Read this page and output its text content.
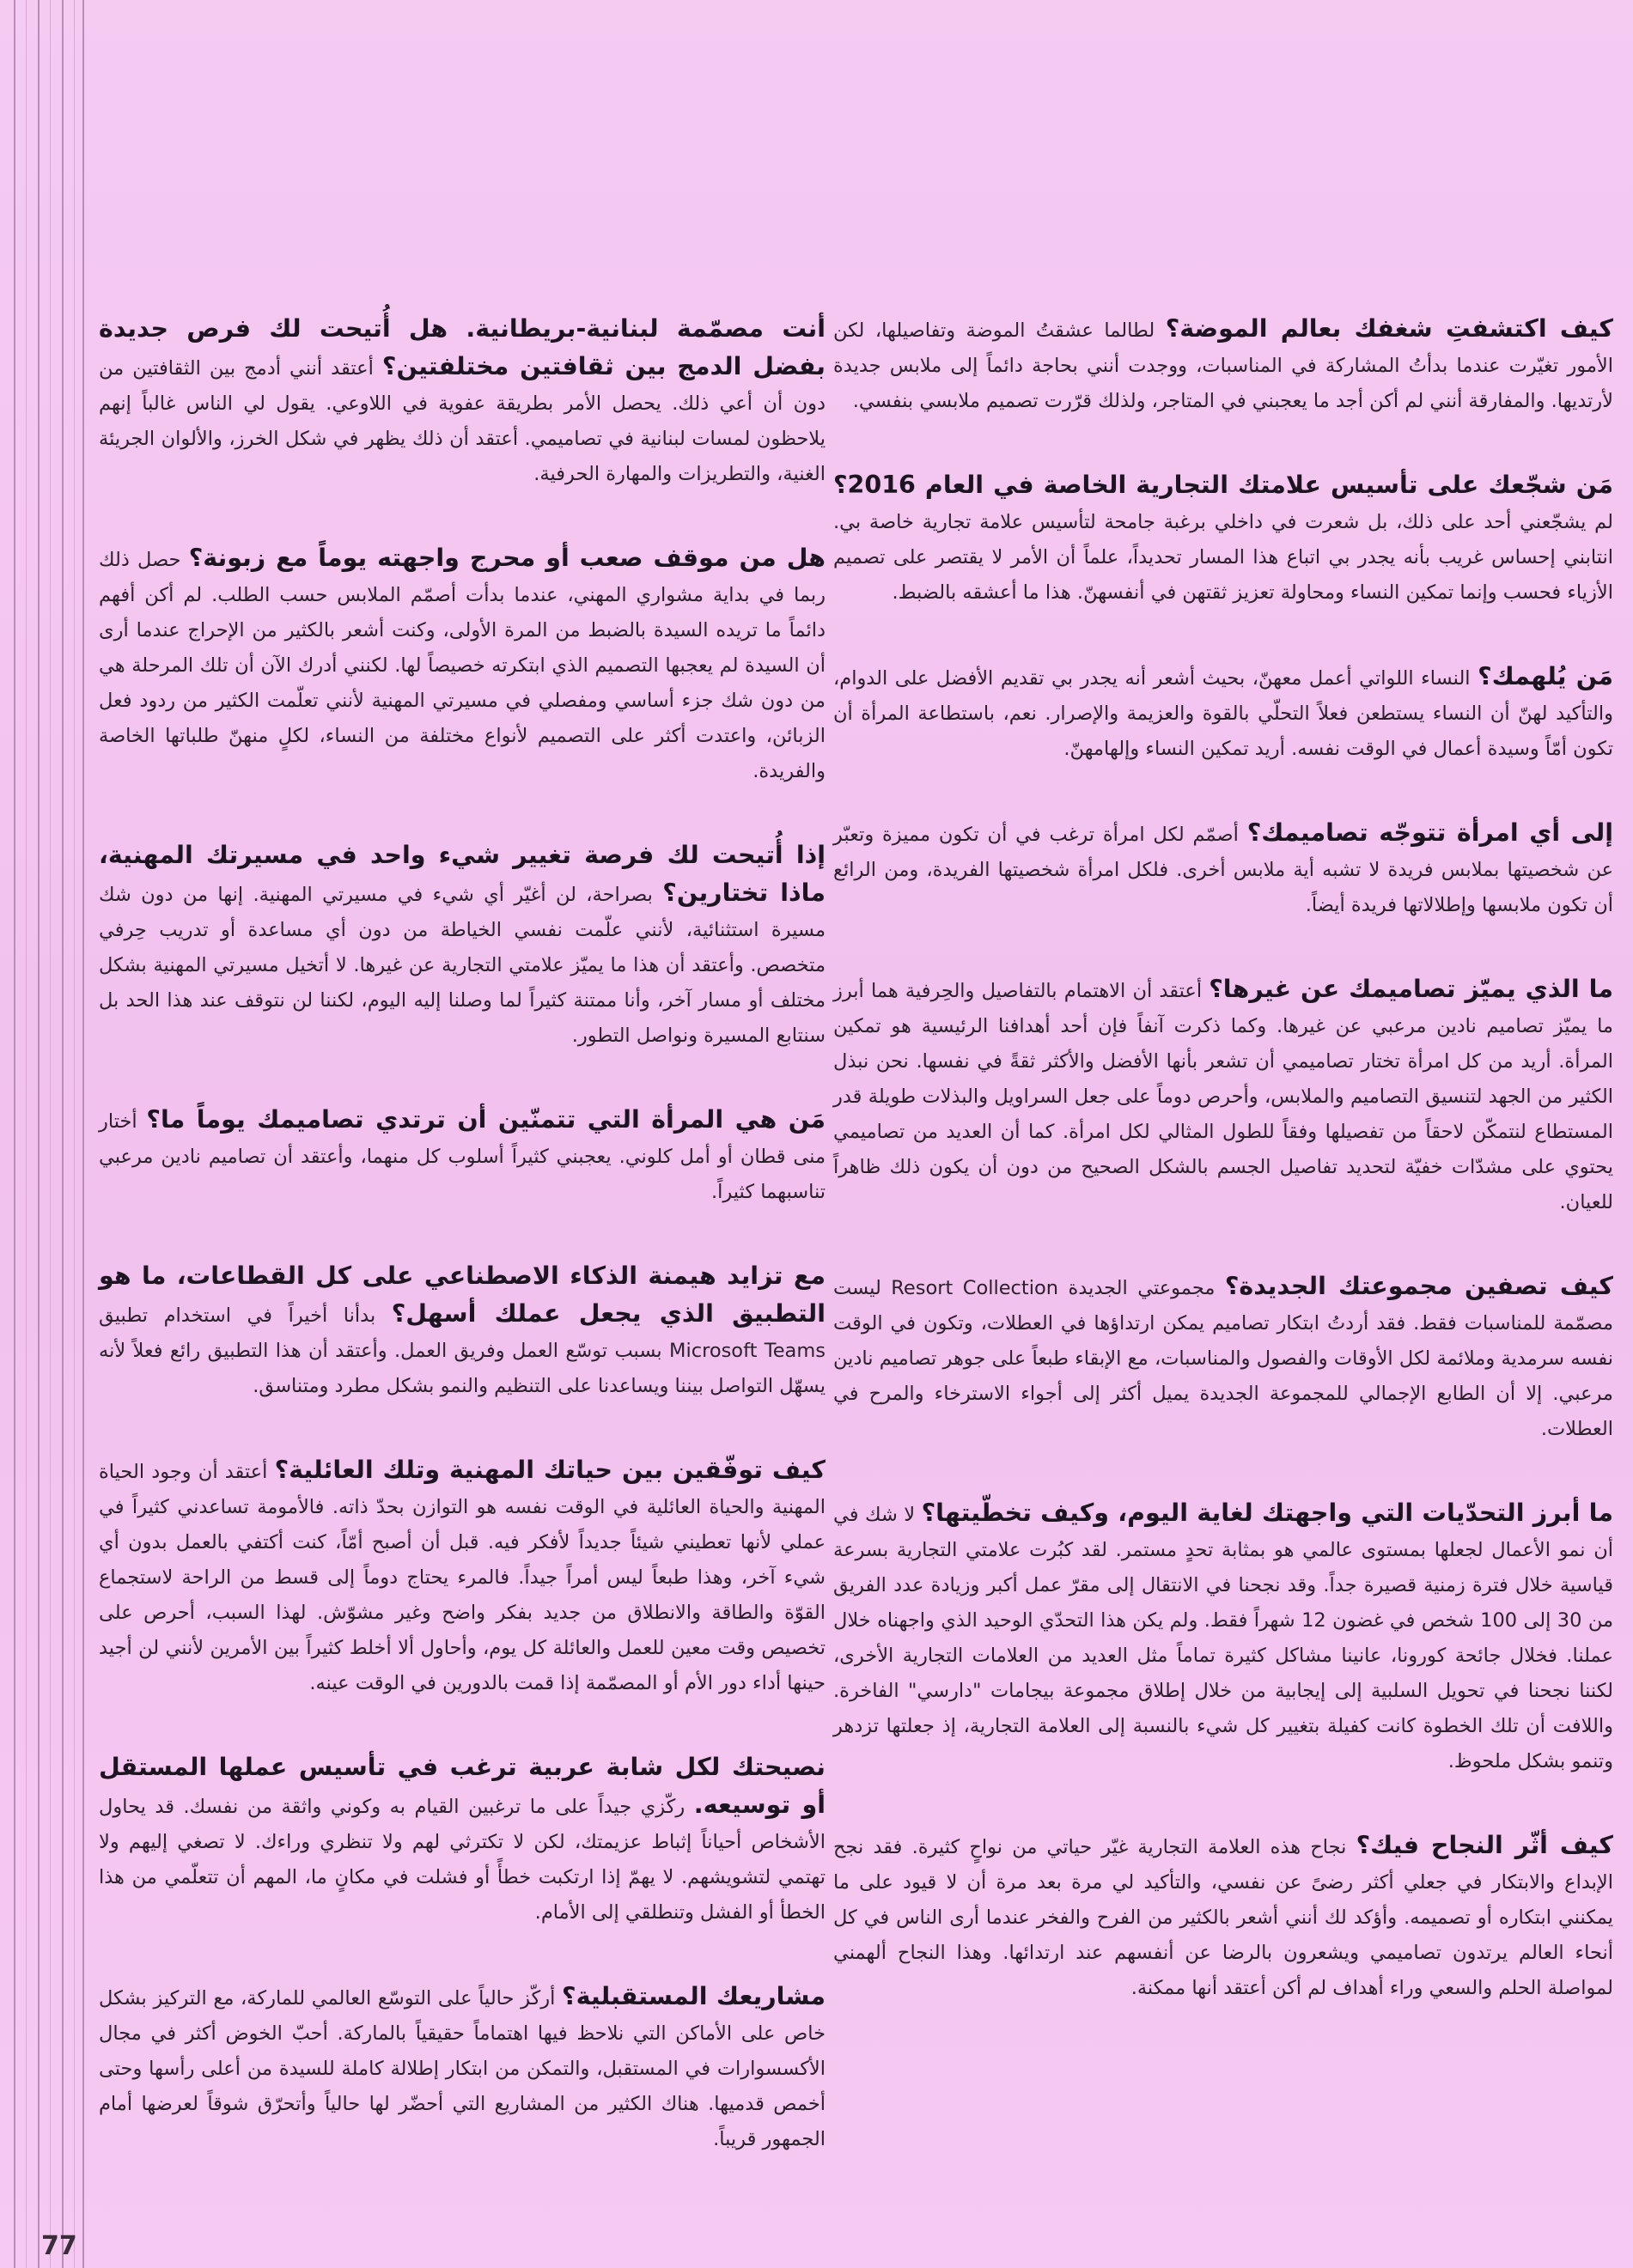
كيف اكتشفتِ شغفك بعالم الموضة؟ لطالما عشقتُ الموضة وتفاصيلها، لكن الأمور تغيّرت عندما بدأتُ المشاركة في المناسبات، ووجدت أنني بحاجة دائماً إلى ملابس جديدة لأرتديها. والمفارقة أنني لم أكن أجد ما يعجبني في المتاجر، ولذلك قرّرت تصميم ملابسي بنفسي.

مَن شجّعك على تأسيس علامتك التجارية الخاصة في العام 2016؟ لم يشجّعني أحد على ذلك، بل شعرت في داخلي برغبة جامحة لتأسيس علامة تجارية خاصة بي. انتابني إحساس غريب بأنه يجدر بي اتباع هذا المسار تحديداً، علماً أن الأمر لا يقتصر على تصميم الأزياء فحسب وإنما تمكين النساء ومحاولة تعزيز ثقتهن في أنفسهنّ. هذا ما أعشقه بالضبط.

مَن يُلهمك؟ النساء اللواتي أعمل معهنّ، بحيث أشعر أنه يجدر بي تقديم الأفضل على الدوام، والتأكيد لهنّ أن النساء يستطعن فعلاً التحلّي بالقوة والعزيمة والإصرار. نعم، باستطاعة المرأة أن تكون أمّاً وسيدة أعمال في الوقت نفسه. أريد تمكين النساء وإلهامهنّ.

إلى أي امرأة تتوجّه تصاميمك؟ أصمّم لكل امرأة ترغب في أن تكون مميزة وتعبّر عن شخصيتها بملابس فريدة لا تشبه أية ملابس أخرى. فلكل امرأة شخصيتها الفريدة، ومن الرائع أن تكون ملابسها وإطلالاتها فريدة أيضاً.

ما الذي يميّز تصاميمك عن غيرها؟ أعتقد أن الاهتمام بالتفاصيل والحِرفية هما أبرز ما يميّز تصاميم نادين مرعبي عن غيرها. وكما ذكرت آنفاً فإن أحد أهدافنا الرئيسية هو تمكين المرأة. أريد من كل امرأة تختار تصاميمي أن تشعر بأنها الأفضل والأكثر ثقةً في نفسها. نحن نبذل الكثير من الجهد لتنسيق التصاميم والملابس، وأحرص دوماً على جعل السراويل والبذلات طويلة قدر المستطاع لنتمكّن لاحقاً من تفصيلها وفقاً للطول المثالي لكل امرأة. كما أن العديد من تصاميمي يحتوي على مشدّات خفيّة لتحديد تفاصيل الجسم بالشكل الصحيح من دون أن يكون ذلك ظاهراً للعيان.

كيف تصفين مجموعتك الجديدة؟ مجموعتي الجديدة Resort Collection ليست مصمّمة للمناسبات فقط. فقد أردتُ ابتكار تصاميم يمكن ارتداؤها في العطلات، وتكون في الوقت نفسه سرمدية وملائمة لكل الأوقات والفصول والمناسبات، مع الإبقاء طبعاً على جوهر تصاميم نادين مرعبي. إلا أن الطابع الإجمالي للمجموعة الجديدة يميل أكثر إلى أجواء الاسترخاء والمرح في العطلات.

ما أبرز التحدّيات التي واجهتك لغاية اليوم، وكيف تخطّيتها؟ لا شك في أن نمو الأعمال لجعلها بمستوى عالمي هو بمثابة تحدٍ مستمر. لقد كبُرت علامتي التجارية بسرعة قياسية خلال فترة زمنية قصيرة جداً. وقد نجحنا في الانتقال إلى مقرّ عمل أكبر وزيادة عدد الفريق من 30 إلى 100 شخص في غضون 12 شهراً فقط. ولم يكن هذا التحدّي الوحيد الذي واجهناه خلال عملنا. فخلال جائحة كورونا، عانينا مشاكل كثيرة تماماً مثل العديد من العلامات التجارية الأخرى، لكننا نجحنا في تحويل السلبية إلى إيجابية من خلال إطلاق مجموعة بيجامات "دارسي" الفاخرة. واللافت أن تلك الخطوة كانت كفيلة بتغيير كل شيء بالنسبة إلى العلامة التجارية، إذ جعلتها تزدهر وتنمو بشكل ملحوظ.

كيف أثّر النجاح فيك؟ نجاح هذه العلامة التجارية غيّر حياتي من نواحٍ كثيرة. فقد نجح الإبداع والابتكار في جعلي أكثر رضىً عن نفسي، والتأكيد لي مرة بعد مرة أن لا قيود على ما يمكنني ابتكاره أو تصميمه. وأؤكد لك أنني أشعر بالكثير من الفرح والفخر عندما أرى الناس في كل أنحاء العالم يرتدون تصاميمي ويشعرون بالرضا عن أنفسهم عند ارتدائها. وهذا النجاح ألهمني لمواصلة الحلم والسعي وراء أهداف لم أكن أعتقد أنها ممكنة.

أنت مصمّمة لبنانية-بريطانية. هل أُتيحت لك فرص جديدة بفضل الدمج بين ثقافتين مختلفتين؟ أعتقد أنني أدمج بين الثقافتين من دون أن أعي ذلك. يحصل الأمر بطريقة عفوية في اللاوعي. يقول لي الناس غالباً إنهم يلاحظون لمسات لبنانية في تصاميمي. أعتقد أن ذلك يظهر في شكل الخرز، والألوان الجريئة الغنية، والتطريزات والمهارة الحرفية.

هل من موقف صعب أو محرج واجهته يوماً مع زبونة؟ حصل ذلك ربما في بداية مشواري المهني، عندما بدأت أصمّم الملابس حسب الطلب. لم أكن أفهم دائماً ما تريده السيدة بالضبط من المرة الأولى، وكنت أشعر بالكثير من الإحراج عندما أرى أن السيدة لم يعجبها التصميم الذي ابتكرته خصيصاً لها. لكنني أدرك الآن أن تلك المرحلة هي من دون شك جزء أساسي ومفصلي في مسيرتي المهنية لأنني تعلّمت الكثير من ردود فعل الزبائن، واعتدت أكثر على التصميم لأنواع مختلفة من النساء، لكلٍ منهنّ طلباتها الخاصة والفريدة.

إذا أُتيحت لك فرصة تغيير شيء واحد في مسيرتك المهنية، ماذا تختارين؟ بصراحة، لن أغيّر أي شيء في مسيرتي المهنية. إنها من دون شك مسيرة استثنائية، لأنني علّمت نفسي الخياطة من دون أي مساعدة أو تدريب حِرفي متخصص. وأعتقد أن هذا ما يميّز علامتي التجارية عن غيرها. لا أتخيل مسيرتي المهنية بشكل مختلف أو مسار آخر، وأنا ممتنة كثيراً لما وصلنا إليه اليوم، لكننا لن نتوقف عند هذا الحد بل سنتابع المسيرة ونواصل التطور.

مَن هي المرأة التي تتمنّين أن ترتدي تصاميمك يوماً ما؟ أختار منى قطان أو أمل كلوني. يعجبني كثيراً أسلوب كل منهما، وأعتقد أن تصاميم نادين مرعبي تناسبهما كثيراً.

مع تزايد هيمنة الذكاء الاصطناعي على كل القطاعات، ما هو التطبيق الذي يجعل عملك أسهل؟ بدأنا أخيراً في استخدام تطبيق Microsoft Teams بسبب توسّع العمل وفريق العمل. وأعتقد أن هذا التطبيق رائع فعلاً لأنه يسهّل التواصل بيننا ويساعدنا على التنظيم والنمو بشكل مطرد ومتناسق.

كيف توفّقين بين حياتك المهنية وتلك العائلية؟ أعتقد أن وجود الحياة المهنية والحياة العائلية في الوقت نفسه هو التوازن بحدّ ذاته. فالأمومة تساعدني كثيراً في عملي لأنها تعطيني شيئاً جديداً لأفكر فيه. قبل أن أصبح أمّاً، كنت أكتفي بالعمل بدون أي شيء آخر، وهذا طبعاً ليس أمراً جيداً. فالمرء يحتاج دوماً إلى قسط من الراحة لاستجماع القوّة والطاقة والانطلاق من جديد بفكر واضح وغير مشوّش. لهذا السبب، أحرص على تخصيص وقت معين للعمل والعائلة كل يوم، وأحاول ألا أخلط كثيراً بين الأمرين لأنني لن أجيد حينها أداء دور الأم أو المصمّمة إذا قمت بالدورين في الوقت عينه.

نصيحتك لكل شابة عربية ترغب في تأسيس عملها المستقل أو توسيعه. ركّزي جيداً على ما ترغبين القيام به وكوني واثقة من نفسك. قد يحاول الأشخاص أحياناً إثباط عزيمتك، لكن لا تكترثي لهم ولا تنظري وراءك. لا تصغي إليهم ولا تهتمي لتشويشهم. لا يهمّ إذا ارتكبت خطأً أو فشلت في مكانٍ ما، المهم أن تتعلّمي من هذا الخطأ أو الفشل وتنطلقي إلى الأمام.

مشاريعك المستقبلية؟ أركّز حالياً على التوسّع العالمي للماركة، مع التركيز بشكل خاص على الأماكن التي نلاحظ فيها اهتماماً حقيقياً بالماركة. أحبّ الخوض أكثر في مجال الأكسسوارات في المستقبل، والتمكن من ابتكار إطلالة كاملة للسيدة من أعلى رأسها وحتى أخمص قدميها. هناك الكثير من المشاريع التي أحضّر لها حالياً وأتحرّق شوقاً لعرضها أمام الجمهور قريباً.

77
